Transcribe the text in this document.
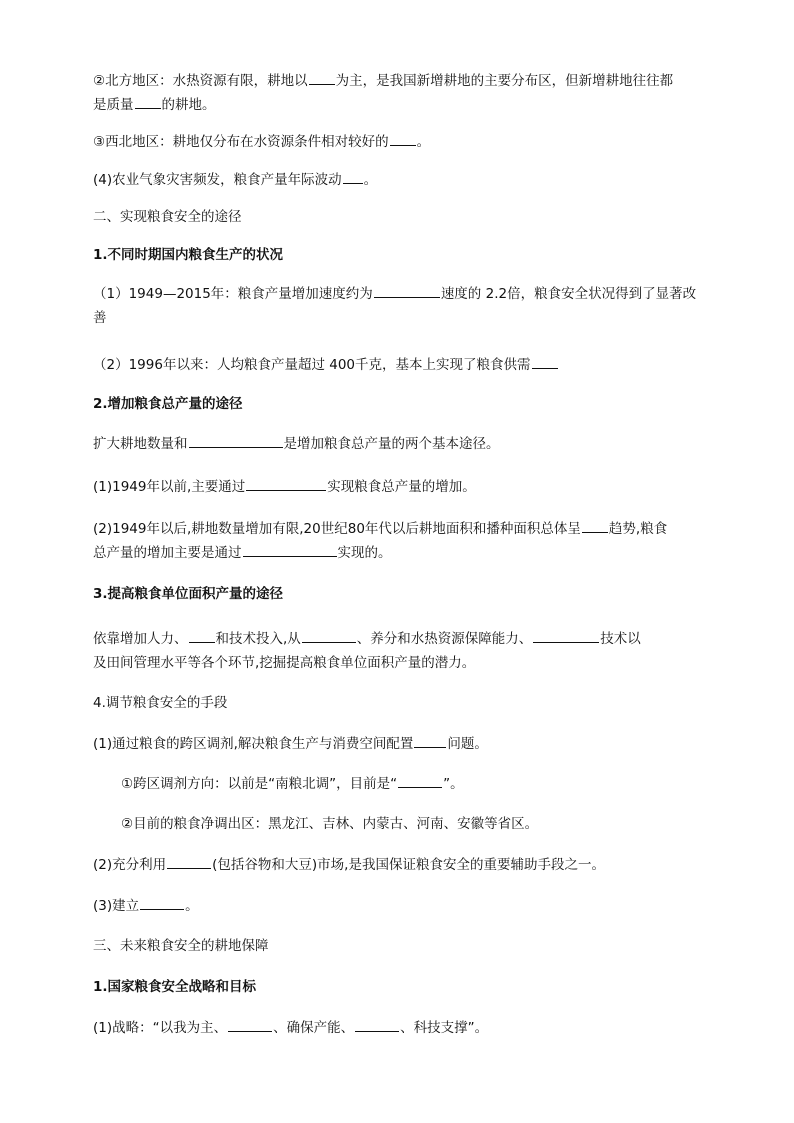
②北方地区：水热资源有限，耕地以 为主，是我国新增耕地的主要分布区，但新增耕地往往都
是质量 的耕地。
③西北地区：耕地仅分布在水资源条件相对较好的 。
(4)农业气象灾害频发，粮食产量年际波动 。
二、实现粮食安全的途径
1.不同时期国内粮食生产的状况
（1）1949—2015年：粮食产量增加速度约为	速度的 2.2倍，粮食安全状况得到了显著改
善
（2）1996年以来：人均粮食产量超过 400千克，基本上实现了粮食供需
2.增加粮食总产量的途径
扩大耕地数量和	是增加粮食总产量的两个基本途径。
(1)1949年以前,主要通过	实现粮食总产量的增加。
(2)1949年以后,耕地数量增加有限,20世纪80年代以后耕地面积和播种面积总体呈 趋势,粮食
总产量的增加主要是通过	实现的。
3.提高粮食单位面积产量的途径
依靠增加人力、 和技术投入,从	、养分和水热资源保障能力、	技术以
及田间管理水平等各个环节,挖掘提高粮食单位面积产量的潜力。
4.调节粮食安全的手段
(1)通过粮食的跨区调剂,解决粮食生产与消费空间配置	问题。
①跨区调剂方向：以前是“南粮北调”，目前是“	”。
②目前的粮食净调出区：黑龙江、吉林、内蒙古、河南、安徽等省区。
(2)充分利用	(包括谷物和大豆)市场,是我国保证粮食安全的重要辅助手段之一。
(3)建立	。
三、未来粮食安全的耕地保障
1.国家粮食安全战略和目标
(1)战略：“以我为主、	、确保产能、	、科技支撑”。
